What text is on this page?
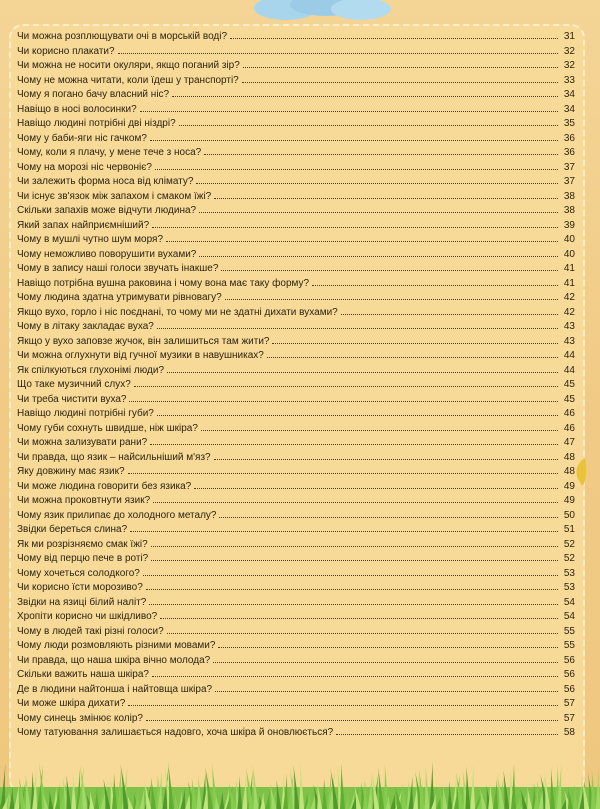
Чи можна розплющувати очі в морській воді?	31
Чи корисно плакати?	32
Чи можна не носити окуляри, якщо поганий зір?	32
Чому не можна читати, коли їдеш у транспорті?	33
Чому я погано бачу власний ніс?	34
Навіщо в носі волосинки?	34
Навіщо людині потрібні дві ніздрі?	35
Чому у баби-яги ніс гачком?	36
Чому, коли я плачу, у мене тече з носа?	36
Чому на морозі ніс червоніє?	37
Чи залежить форма носа від клімату?	37
Чи існує зв'язок між запахом і смаком їжі?	38
Скільки запахів може відчути людина?	38
Який запах найприємніший?	39
Чому в мушлі чутно шум моря?	40
Чому неможливо поворушити вухами?	40
Чому в запису наші голоси звучать інакше?	41
Навіщо потрібна вушна раковина і чому вона має таку форму?	41
Чому людина здатна утримувати рівновагу?	42
Якщо вухо, горло і ніс поєднані, то чому ми не здатні дихати вухами?	42
Чому в літаку закладає вуха?	43
Якщо у вухо заповзе жучок, він залишиться там жити?	43
Чи можна оглухнути від гучної музики в навушниках?	44
Як спілкуються глухонімі люди?	44
Що таке музичний слух?	45
Чи треба чистити вуха?	45
Навіщо людині потрібні губи?	46
Чому губи сохнуть швидше, ніж шкіра?	46
Чи можна зализувати рани?	47
Чи правда, що язик – найсильніший м'яз?	48
Яку довжину має язик?	48
Чи може людина говорити без язика?	49
Чи можна проковтнути язик?	49
Чому язик прилипає до холодного металу?	50
Звідки береться слина?	51
Як ми розрізняємо смак їжі?	52
Чому від перцю пече в роті?	52
Чому хочеться солодкого?	53
Чи корисно їсти морозиво?	53
Звідки на язиці білий наліт?	54
Хропіти корисно чи шкідливо?	54
Чому в людей такі різні голоси?	55
Чому люди розмовляють різними мовами?	55
Чи правда, що наша шкіра вічно молода?	56
Скільки важить наша шкіра?	56
Де в людини найтонша і найтовща шкіра?	56
Чи може шкіра дихати?	57
Чому синець змінює колір?	57
Чому татуювання залишається надовго, хоча шкіра й оновлюється?	58
